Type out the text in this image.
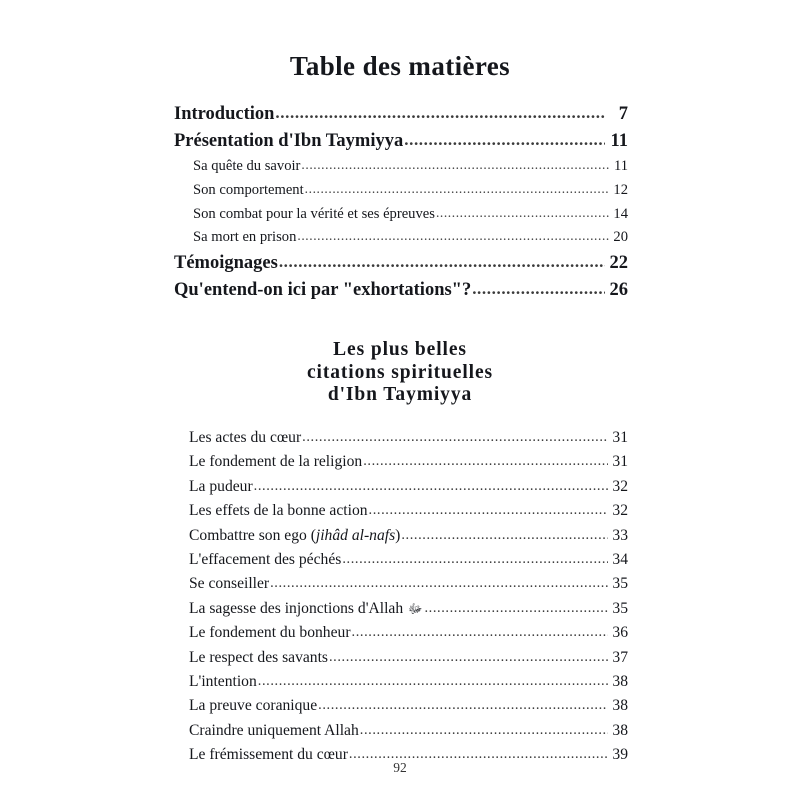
Table des matières
Introduction .....	7
Présentation d'Ibn Taymiyya .....	11
Sa quête du savoir .....	11
Son comportement .....	12
Son combat pour la vérité et ses épreuves .....	14
Sa mort en prison .....	20
Témoignages .....	22
Qu'entend-on ici par "exhortations"? .....	26
Les plus belles
citations spirituelles
d'Ibn Taymiyya
Les actes du cœur .....	31
Le fondement de la religion .....	31
La pudeur .....	32
Les effets de la bonne action .....	32
Combattre son ego (jihâd al-nafs) .....	33
L'effacement des péchés .....	34
Se conseiller .....	35
La sagesse des injonctions d'Allah ﷻ .....	35
Le fondement du bonheur .....	36
Le respect des savants .....	37
L'intention .....	38
La preuve coranique .....	38
Craindre uniquement Allah .....	38
Le frémissement du cœur .....	39
92
